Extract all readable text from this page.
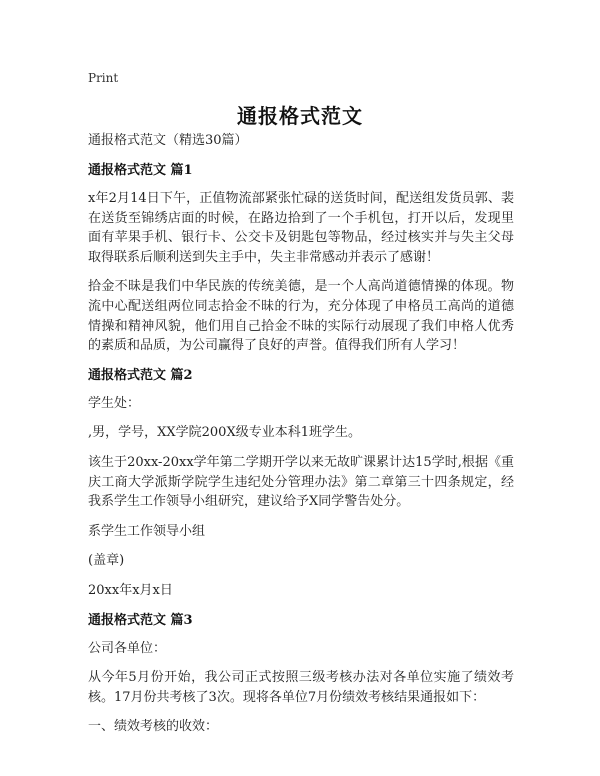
Print

通报格式范文

通报格式范文（精选30篇）

通报格式范文 篇1

x年2月14日下午，正值物流部紧张忙碌的送货时间，配送组发货员郭、裴在送货至锦绣店面的时候，在路边拾到了一个手机包，打开以后，发现里面有苹果手机、银行卡、公交卡及钥匙包等物品，经过核实并与失主父母取得联系后顺利送到失主手中，失主非常感动并表示了感谢！

拾金不昧是我们中华民族的传统美德，是一个人高尚道德情操的体现。物流中心配送组两位同志拾金不昧的行为，充分体现了申格员工高尚的道德情操和精神风貌，他们用自己拾金不昧的实际行动展现了我们申格人优秀的素质和品质，为公司赢得了良好的声誉。值得我们所有人学习！

通报格式范文 篇2

学生处：

,男，学号，XX学院200X级专业本科1班学生。

该生于20xx-20xx学年第二学期开学以来无故旷课累计达15学时,根据《重庆工商大学派斯学院学生违纪处分管理办法》第二章第三十四条规定，经我系学生工作领导小组研究，建议给予X同学警告处分。

系学生工作领导小组

(盖章)

20xx年x月x日

通报格式范文 篇3

公司各单位：

从今年5月份开始，我公司正式按照三级考核办法对各单位实施了绩效考核。17月份共考核了3次。现将各单位7月份绩效考核结果通报如下：

一、绩效考核的收效：
